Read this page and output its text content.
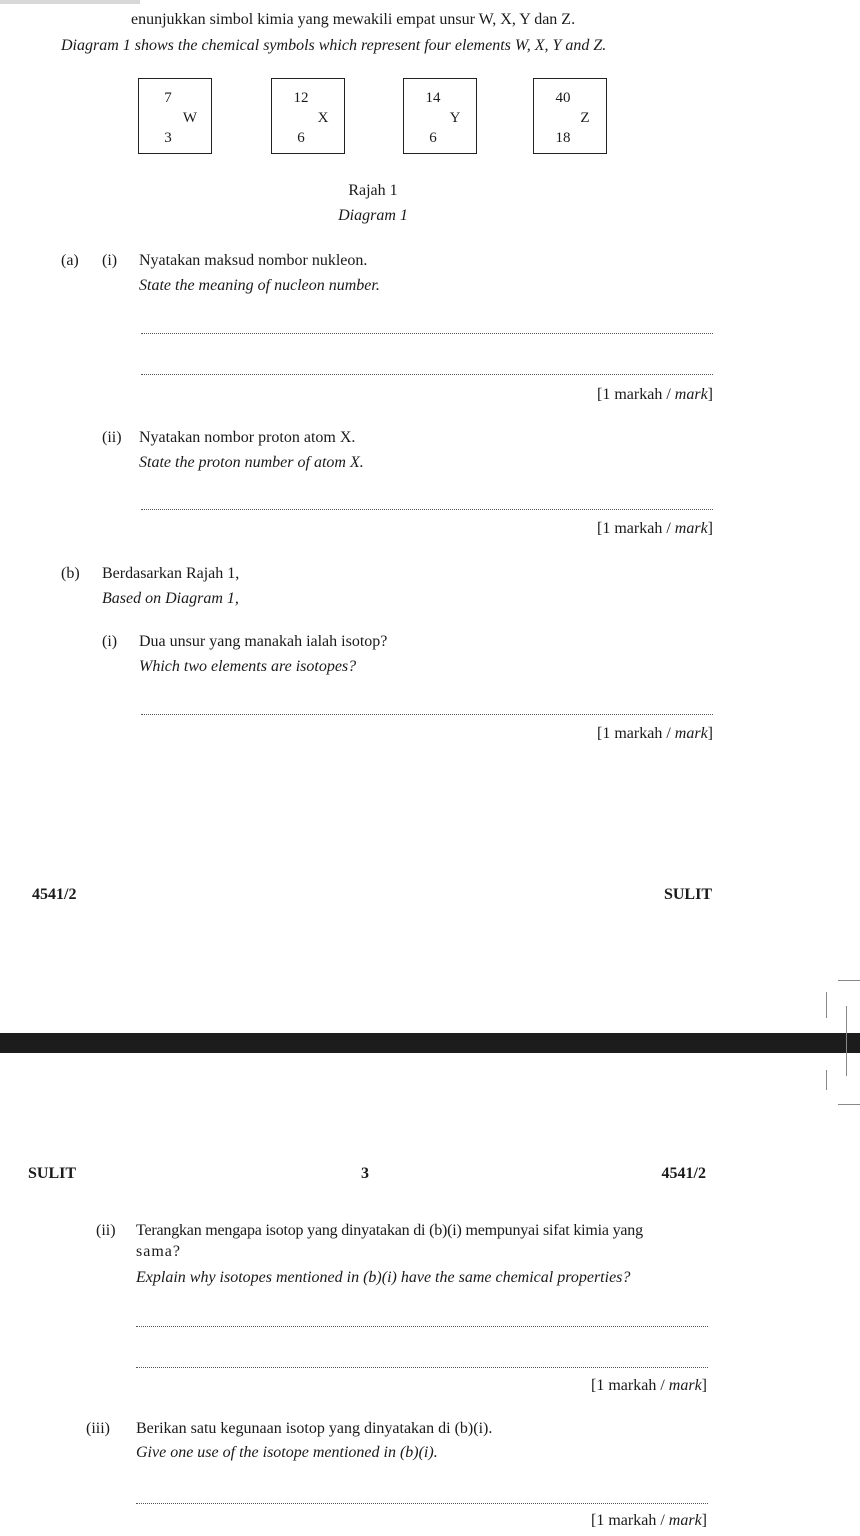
enunjukkan simbol kimia yang mewakili empat unsur W, X, Y dan Z.
Diagram 1 shows the chemical symbols which represent four elements W, X, Y and Z.
7
W
3
12
X
6
14
Y
6
40
Z
18
Rajah 1
Diagram 1
(a) (i) Nyatakan maksud nombor nukleon.
State the meaning of nucleon number.
[1 markah / mark]
(ii) Nyatakan nombor proton atom X.
State the proton number of atom X.
[1 markah / mark]
(b) Berdasarkan Rajah 1,
Based on Diagram 1,
(i) Dua unsur yang manakah ialah isotop?
Which two elements are isotopes?
[1 markah / mark]
4541/2	SULIT
SULIT	3	4541/2
(ii) Terangkan mengapa isotop yang dinyatakan di (b)(i) mempunyai sifat kimia yang
sama?
Explain why isotopes mentioned in (b)(i) have the same chemical properties?
[1 markah / mark]
(iii) Berikan satu kegunaan isotop yang dinyatakan di (b)(i).
Give one use of the isotope mentioned in (b)(i).
[1 markah / mark]
